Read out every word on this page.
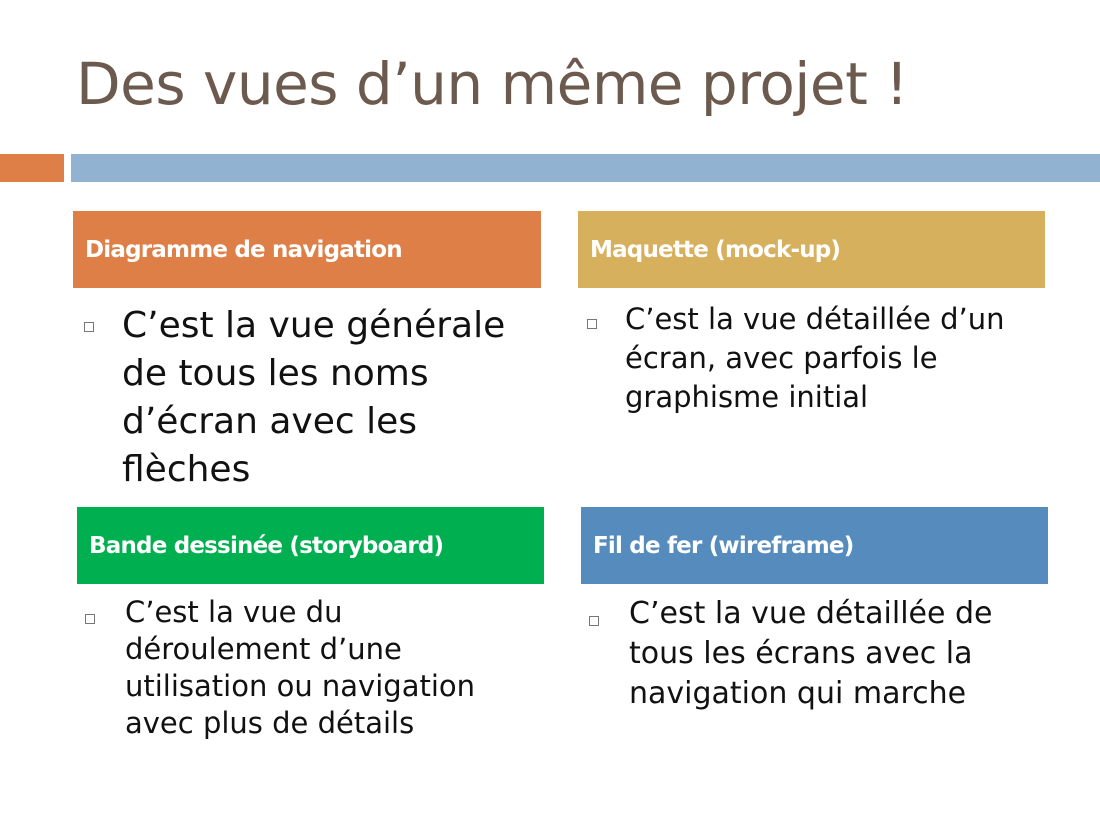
Des vues d’un même projet !
Diagramme de navigation
C’est la vue générale de tous les noms d’écran avec les flèches
Maquette (mock-up)
C’est la vue détaillée d’un écran, avec parfois le graphisme initial
Bande dessinée (storyboard)
C’est la vue du déroulement d’une utilisation ou navigation avec plus de détails
Fil de fer (wireframe)
C’est la vue détaillée de tous les écrans avec la navigation qui marche
